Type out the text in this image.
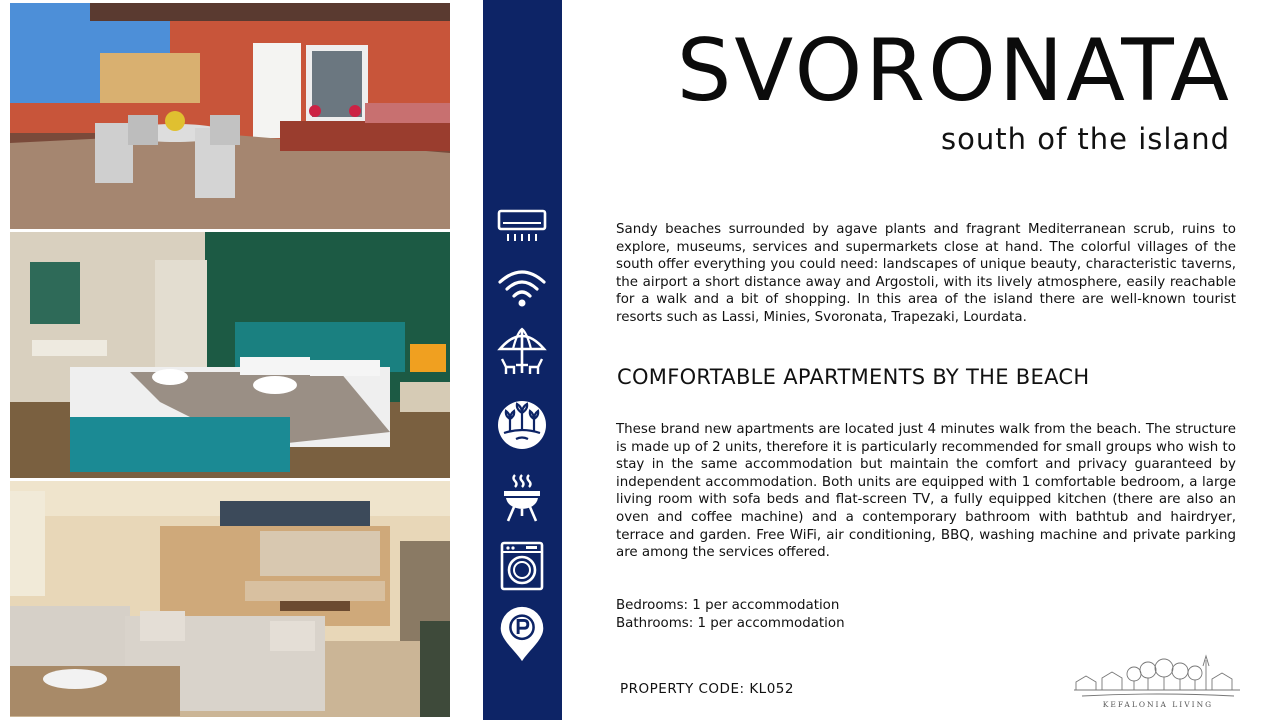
SVORONATA
south of the island

Sandy beaches surrounded by agave plants and fragrant Mediterranean scrub, ruins to explore, museums, services and supermarkets close at hand. The colorful villages of the south offer everything you could need: landscapes of unique beauty, characteristic taverns, the airport a short distance away and Argostoli, with its lively atmosphere, easily reachable for a walk and a bit of shopping. In this area of the island there are well-known tourist resorts such as Lassi, Minies, Svoronata, Trapezaki, Lourdata.

COMFORTABLE APARTMENTS BY THE BEACH

These brand new apartments are located just 4 minutes walk from the beach. The structure is made up of 2 units, therefore it is particularly recommended for small groups who wish to stay in the same accommodation but maintain the comfort and privacy guaranteed by independent accommodation. Both units are equipped with 1 comfortable bedroom, a large living room with sofa beds and flat-screen TV, a fully equipped kitchen (there are also an oven and coffee machine) and a contemporary bathroom with bathtub and hairdryer, terrace and garden. Free WiFi, air conditioning, BBQ, washing machine and private parking are among the services offered.

Bedrooms: 1 per accommodation
Bathrooms: 1 per accommodation
PROPERTY CODE: KL052
KEFALONIA LIVING
